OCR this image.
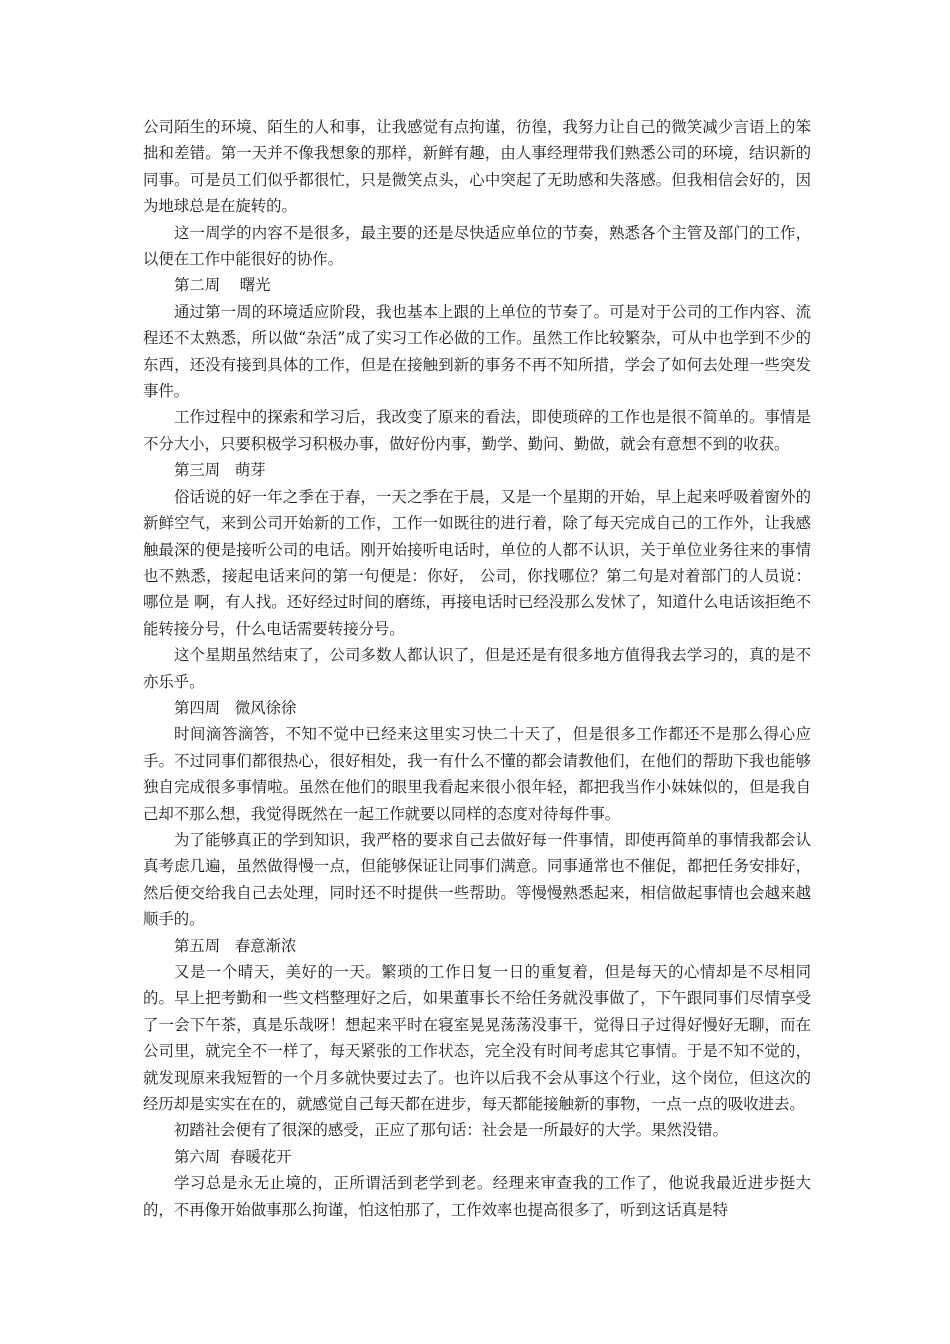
公司陌生的环境、陌生的人和事，让我感觉有点拘谨，彷徨，我努力让自己的微笑减少言语上的笨拙和差错。第一天并不像我想象的那样，新鲜有趣，由人事经理带我们熟悉公司的环境，结识新的同事。可是员工们似乎都很忙，只是微笑点头，心中突起了无助感和失落感。但我相信会好的，因为地球总是在旋转的。

这一周学的内容不是很多，最主要的还是尽快适应单位的节奏，熟悉各个主管及部门的工作，以便在工作中能很好的协作。

第二周    曙光

通过第一周的环境适应阶段，我也基本上跟的上单位的节奏了。可是对于公司的工作内容、流程还不太熟悉，所以做“杂活”成了实习工作必做的工作。虽然工作比较繁杂，可从中也学到不少的东西，还没有接到具体的工作，但是在接触到新的事务不再不知所措，学会了如何去处理一些突发事件。

工作过程中的探索和学习后，我改变了原来的看法，即使琐碎的工作也是很不简单的。事情是不分大小，只要积极学习积极办事，做好份内事，勤学、勤问、勤做，就会有意想不到的收获。

第三周   萌芽

俗话说的好一年之季在于春，一天之季在于晨，又是一个星期的开始，早上起来呼吸着窗外的新鲜空气，来到公司开始新的工作，工作一如既往的进行着，除了每天完成自己的工作外，让我感触最深的便是接听公司的电话。刚开始接听电话时，单位的人都不认识，关于单位业务往来的事情也不熟悉，接起电话来问的第一句便是：你好， 公司，你找哪位？第二句是对着部门的人员说： 哪位是 啊，有人找。还好经过时间的磨练，再接电话时已经没那么发怵了，知道什么电话该拒绝不能转接分号，什么电话需要转接分号。

这个星期虽然结束了，公司多数人都认识了，但是还是有很多地方值得我去学习的，真的是不亦乐乎。

第四周   微风徐徐

时间滴答滴答，不知不觉中已经来这里实习快二十天了，但是很多工作都还不是那么得心应手。不过同事们都很热心，很好相处，我一有什么不懂的都会请教他们，在他们的帮助下我也能够独自完成很多事情啦。虽然在他们的眼里我看起来很小很年轻，都把我当作小妹妹似的，但是我自己却不那么想，我觉得既然在一起工作就要以同样的态度对待每件事。

为了能够真正的学到知识，我严格的要求自己去做好每一件事情，即使再简单的事情我都会认真考虑几遍，虽然做得慢一点，但能够保证让同事们满意。同事通常也不催促，都把任务安排好，然后便交给我自己去处理，同时还不时提供一些帮助。等慢慢熟悉起来，相信做起事情也会越来越顺手的。

第五周   春意渐浓

又是一个晴天，美好的一天。繁琐的工作日复一日的重复着，但是每天的心情却是不尽相同的。早上把考勤和一些文档整理好之后，如果董事长不给任务就没事做了，下午跟同事们尽情享受了一会下午茶，真是乐哉呀！想起来平时在寝室晃晃荡荡没事干，觉得日子过得好慢好无聊，而在公司里，就完全不一样了，每天紧张的工作状态，完全没有时间考虑其它事情。于是不知不觉的，就发现原来我短暂的一个月多就快要过去了。也许以后我不会从事这个行业，这个岗位，但这次的经历却是实实在在的，就感觉自己每天都在进步，每天都能接触新的事物，一点一点的吸收进去。

初踏社会便有了很深的感受，正应了那句话：社会是一所最好的大学。果然没错。

第六周  春暖花开

学习总是永无止境的，正所谓活到老学到老。经理来审查我的工作了，他说我最近进步挺大的，不再像开始做事那么拘谨，怕这怕那了，工作效率也提高很多了，听到这话真是特
